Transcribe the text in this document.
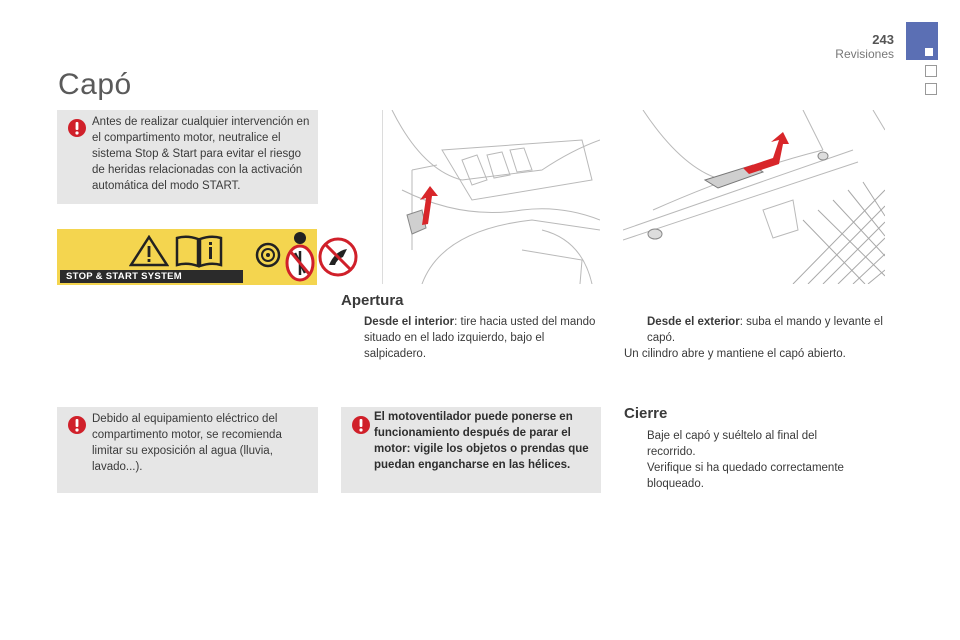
243
Revisiones
Capó

Antes de realizar cualquier intervención en el compartimento motor, neutralice el sistema Stop & Start para evitar el riesgo de heridas relacionadas con la activación automática del modo START.

STOP & START SYSTEM
Apertura
Desde el interior: tire hacia usted del mando situado en el lado izquierdo, bajo el salpicadero.
Desde el exterior: suba el mando y levante el capó.

Un cilindro abre y mantiene el capó abierto.

Debido al equipamiento eléctrico del compartimento motor, se recomienda limitar su exposición al agua (lluvia, lavado...).

El motoventilador puede ponerse en funcionamiento después de parar el motor: vigile los objetos o prendas que puedan engancharse en las hélices.

Cierre
Baje el capó y suéltelo al final del recorrido.
Verifique si ha quedado correctamente bloqueado.
